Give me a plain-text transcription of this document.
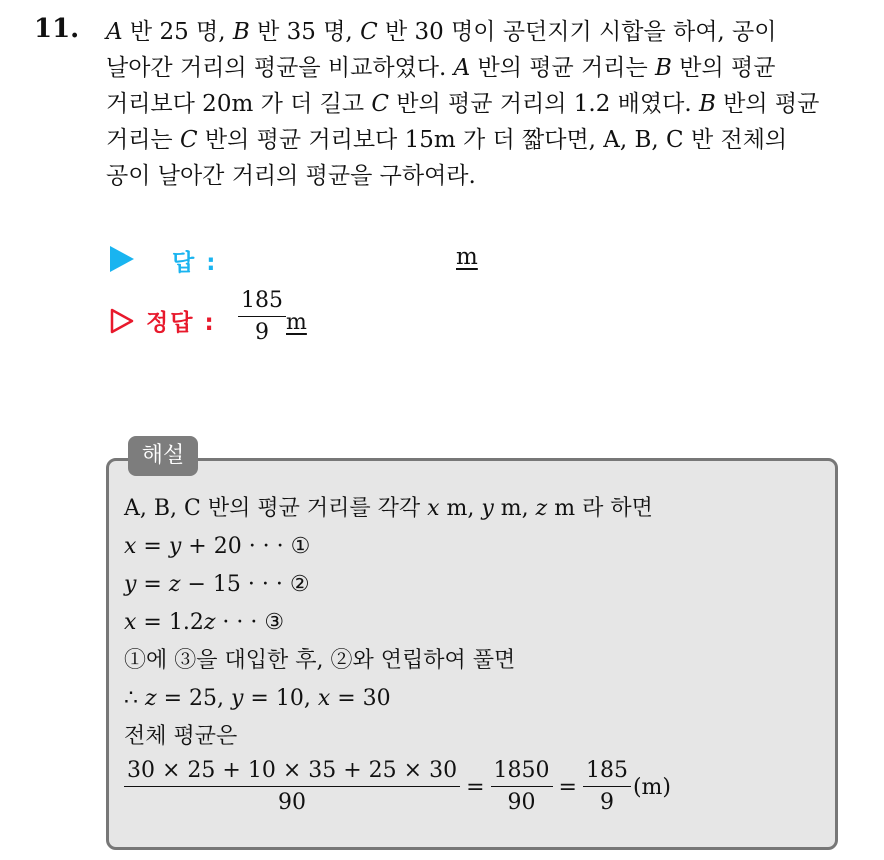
11. A 반 25 명, B 반 35 명, C 반 30 명이 공던지기 시합을 하여, 공이
날아간 거리의 평균을 비교하였다. A 반의 평균 거리는 B 반의 평균
거리보다 20m 가 더 길고 C 반의 평균 거리의 1.2 배였다. B 반의 평균
거리는 C 반의 평균 거리보다 15m 가 더 짧다면, A, B, C 반 전체의
공이 날아간 거리의 평균을 구하여라.
답 :	m
정답 :
185
9 m
해설
A, B, C 반의 평균 거리를 각각 x m, y m, z m 라 하면
x = y + 20 · · · ①
y = z − 15 · · · ②
x = 1.2z · · · ③
①에 ③을 대입한 후, ②와 연립하여 풀면
∴ z = 25, y = 10, x = 30
전체 평균은
$\frac{30 \times 25 + 10 \times 35 + 25 \times 30}{90} = \frac{1850}{90} = \frac{185}{9} (m)$
